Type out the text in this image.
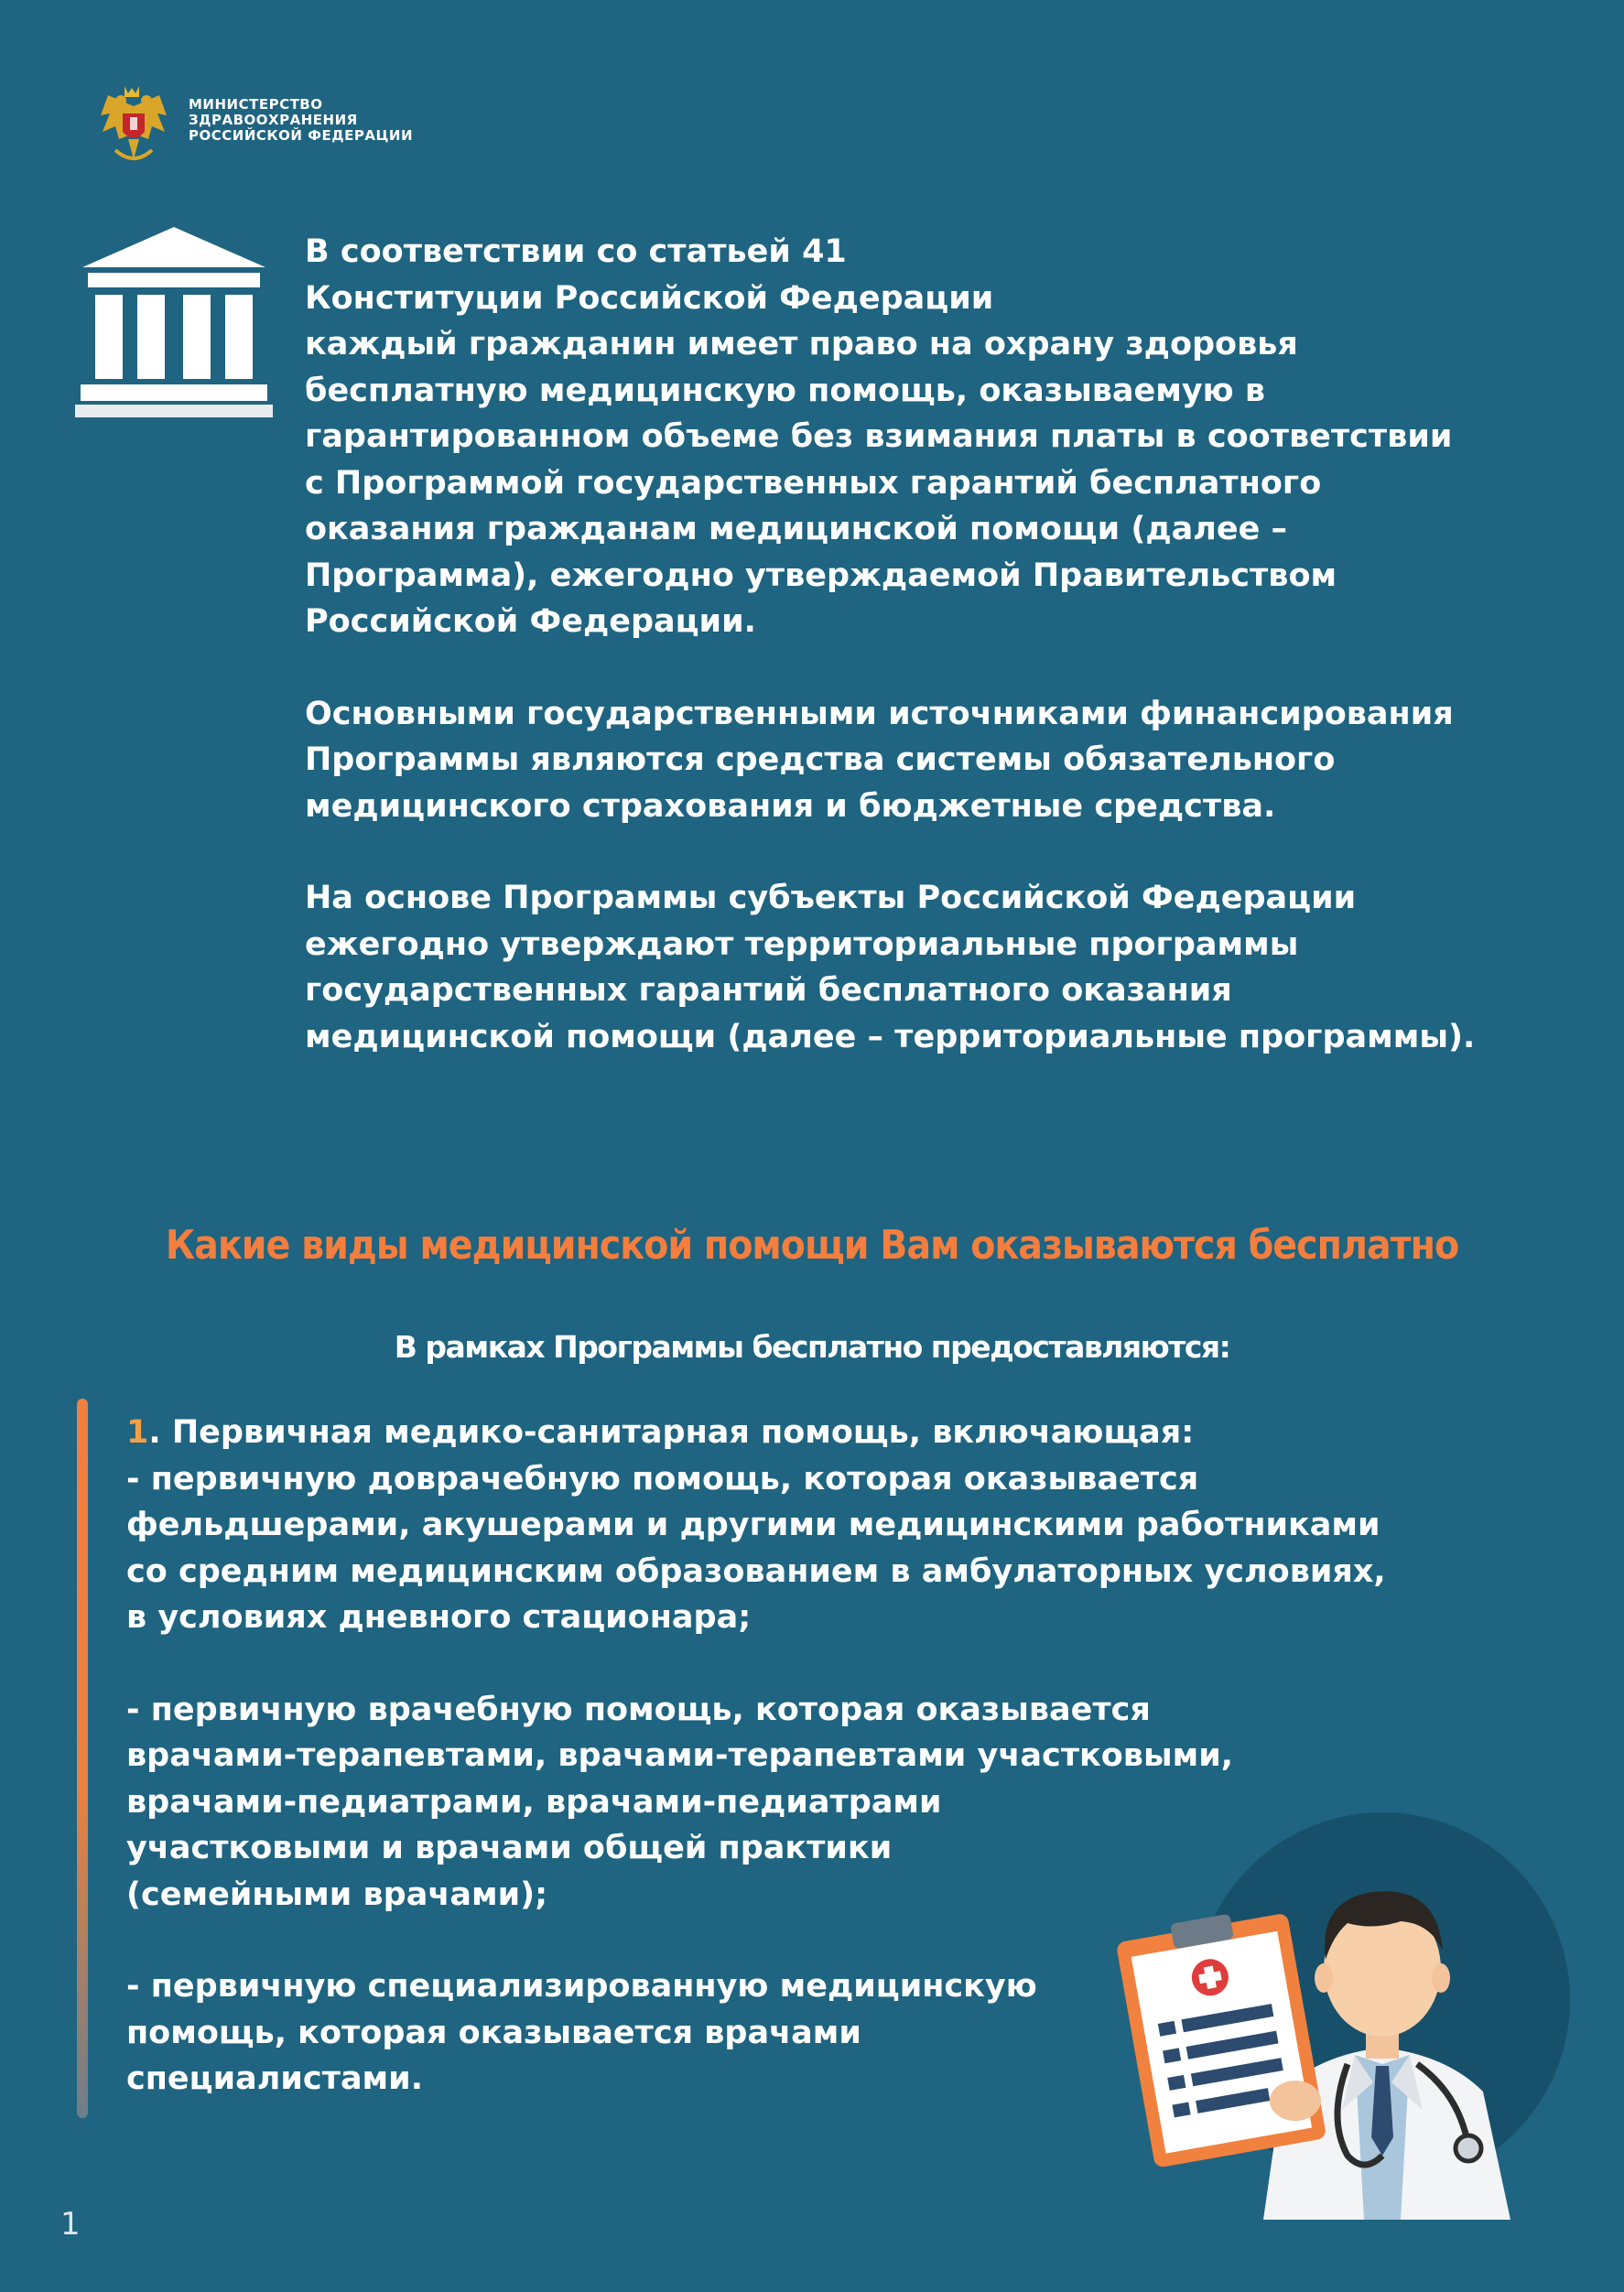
МИНИСТЕРСТВО
ЗДРАВООХРАНЕНИЯ
РОССИЙСКОЙ ФЕДЕРАЦИИ

В соответствии со статьей 41
Конституции Российской Федерации
каждый гражданин имеет право на охрану здоровья
бесплатную медицинскую помощь, оказываемую в
гарантированном объеме без взимания платы в соответствии
с Программой государственных гарантий бесплатного
оказания гражданам медицинской помощи (далее –
Программа), ежегодно утверждаемой Правительством
Российской Федерации.

Основными государственными источниками финансирования
Программы являются средства системы обязательного
медицинского страхования и бюджетные средства.

На основе Программы субъекты Российской Федерации
ежегодно утверждают территориальные программы
государственных гарантий бесплатного оказания
медицинской помощи (далее – территориальные программы).

Какие виды медицинской помощи Вам оказываются бесплатно
В рамках Программы бесплатно предоставляются:

1. Первичная медико-санитарная помощь, включающая:
- первичную доврачебную помощь, которая оказывается
фельдшерами, акушерами и другими медицинскими работниками
со средним медицинским образованием в амбулаторных условиях,
в условиях дневного стационара;

- первичную врачебную помощь, которая оказывается
врачами-терапевтами, врачами-терапевтами участковыми,
врачами-педиатрами, врачами-педиатрами
участковыми и врачами общей практики
(семейными врачами);

- первичную специализированную медицинскую
помощь, которая оказывается врачами
специалистами.

1
